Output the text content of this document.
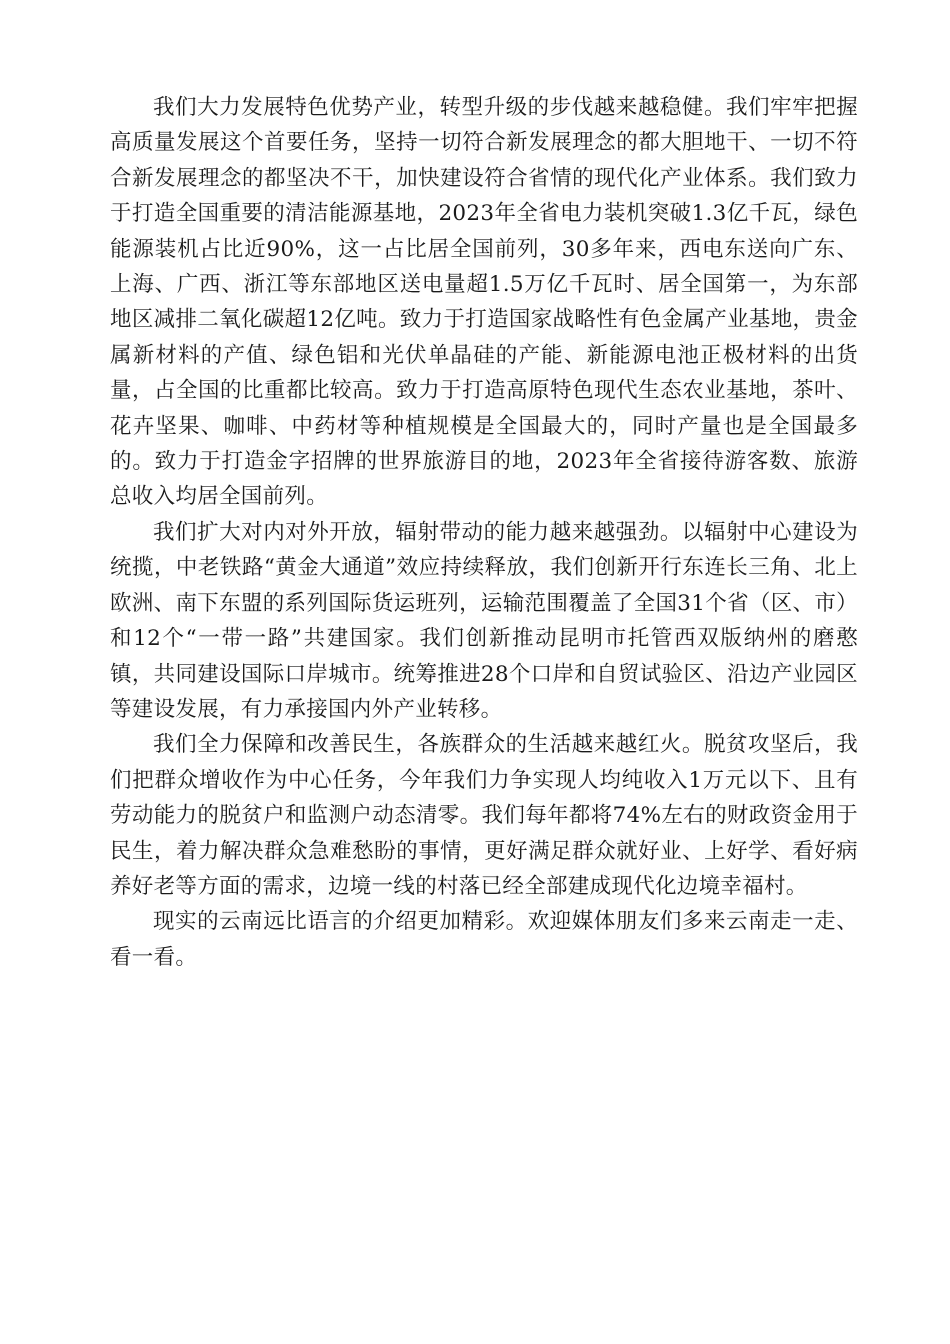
我们大力发展特色优势产业，转型升级的步伐越来越稳健。我们牢牢把握高质量发展这个首要任务，坚持一切符合新发展理念的都大胆地干、一切不符合新发展理念的都坚决不干，加快建设符合省情的现代化产业体系。我们致力于打造全国重要的清洁能源基地，2023年全省电力装机突破1.3亿千瓦，绿色能源装机占比近90%，这一占比居全国前列，30多年来，西电东送向广东、上海、广西、浙江等东部地区送电量超1.5万亿千瓦时、居全国第一，为东部地区减排二氧化碳超12亿吨。致力于打造国家战略性有色金属产业基地，贵金属新材料的产值、绿色铝和光伏单晶硅的产能、新能源电池正极材料的出货量，占全国的比重都比较高。致力于打造高原特色现代生态农业基地，茶叶、花卉坚果、咖啡、中药材等种植规模是全国最大的，同时产量也是全国最多的。致力于打造金字招牌的世界旅游目的地，2023年全省接待游客数、旅游总收入均居全国前列。

我们扩大对内对外开放，辐射带动的能力越来越强劲。以辐射中心建设为统揽，中老铁路“黄金大通道”效应持续释放，我们创新开行东连长三角、北上欧洲、南下东盟的系列国际货运班列，运输范围覆盖了全国31个省（区、市）和12个“一带一路”共建国家。我们创新推动昆明市托管西双版纳州的磨憨镇，共同建设国际口岸城市。统筹推进28个口岸和自贸试验区、沿边产业园区等建设发展，有力承接国内外产业转移。

我们全力保障和改善民生，各族群众的生活越来越红火。脱贫攻坚后，我们把群众增收作为中心任务，今年我们力争实现人均纯收入1万元以下、且有劳动能力的脱贫户和监测户动态清零。我们每年都将74%左右的财政资金用于民生，着力解决群众急难愁盼的事情，更好满足群众就好业、上好学、看好病养好老等方面的需求，边境一线的村落已经全部建成现代化边境幸福村。

现实的云南远比语言的介绍更加精彩。欢迎媒体朋友们多来云南走一走、看一看。
